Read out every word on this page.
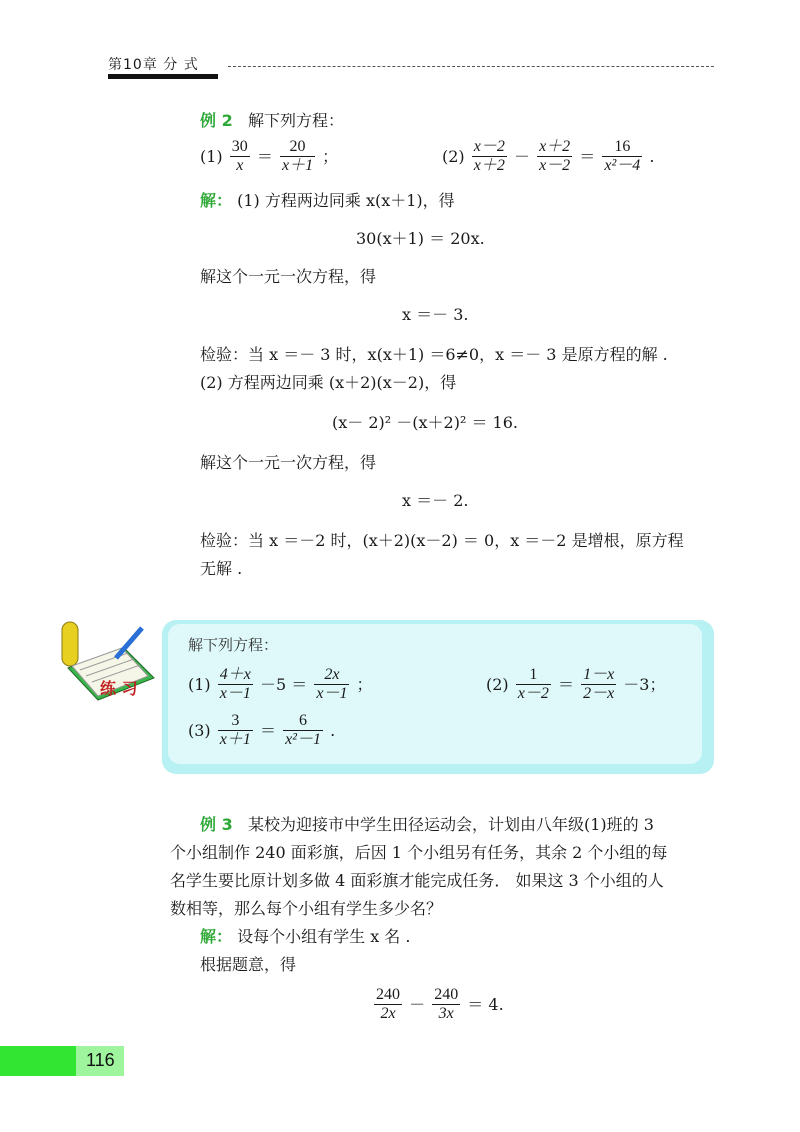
第10章 分 式
例 2 解下列方程：
$(1) \frac{30}{x} = \frac{20}{x+1}$ ；	$(2) \frac{x-2}{x+2} - \frac{x+2}{x-2} = \frac{16}{\text{x²－4}}$ .
解： (1) 方程两边同乘 x(x＋1)，得
30(x＋1) ＝ 20x.
解这个一元一次方程，得
x ＝－ 3.
检验：当 x ＝－ 3 时，x(x＋1) ＝6≠0，x ＝－ 3 是原方程的解 .
(2) 方程两边同乘 (x＋2)(x－2)，得
(x－ 2)² －(x＋2)² ＝ 16.
解这个一元一次方程，得
x ＝－ 2.
检验：当 x ＝－2 时，(x＋2)(x－2) ＝ 0，x ＝－2 是增根，原方程
无解 .
练 习
解下列方程：
$(1) \frac{4+x}{x-1} -5 = \frac{2x}{x-1}$ ；	$(2) \frac{1}{x-2} = \frac{1-x}{2-x} -3$；
$(3) \frac{3}{x+1} = \frac{6}{\text{x²－1}}$ .
例 3 某校为迎接市中学生田径运动会，计划由八年级(1)班的 3
个小组制作 240 面彩旗，后因 1 个小组另有任务，其余 2 个小组的每
名学生要比原计划多做 4 面彩旗才能完成任务． 如果这 3 个小组的人
数相等，那么每个小组有学生多少名？
解： 设每个小组有学生 x 名 .
根据题意，得
$\frac{240}{2x} - \frac{240}{3x} = 4$.
116
